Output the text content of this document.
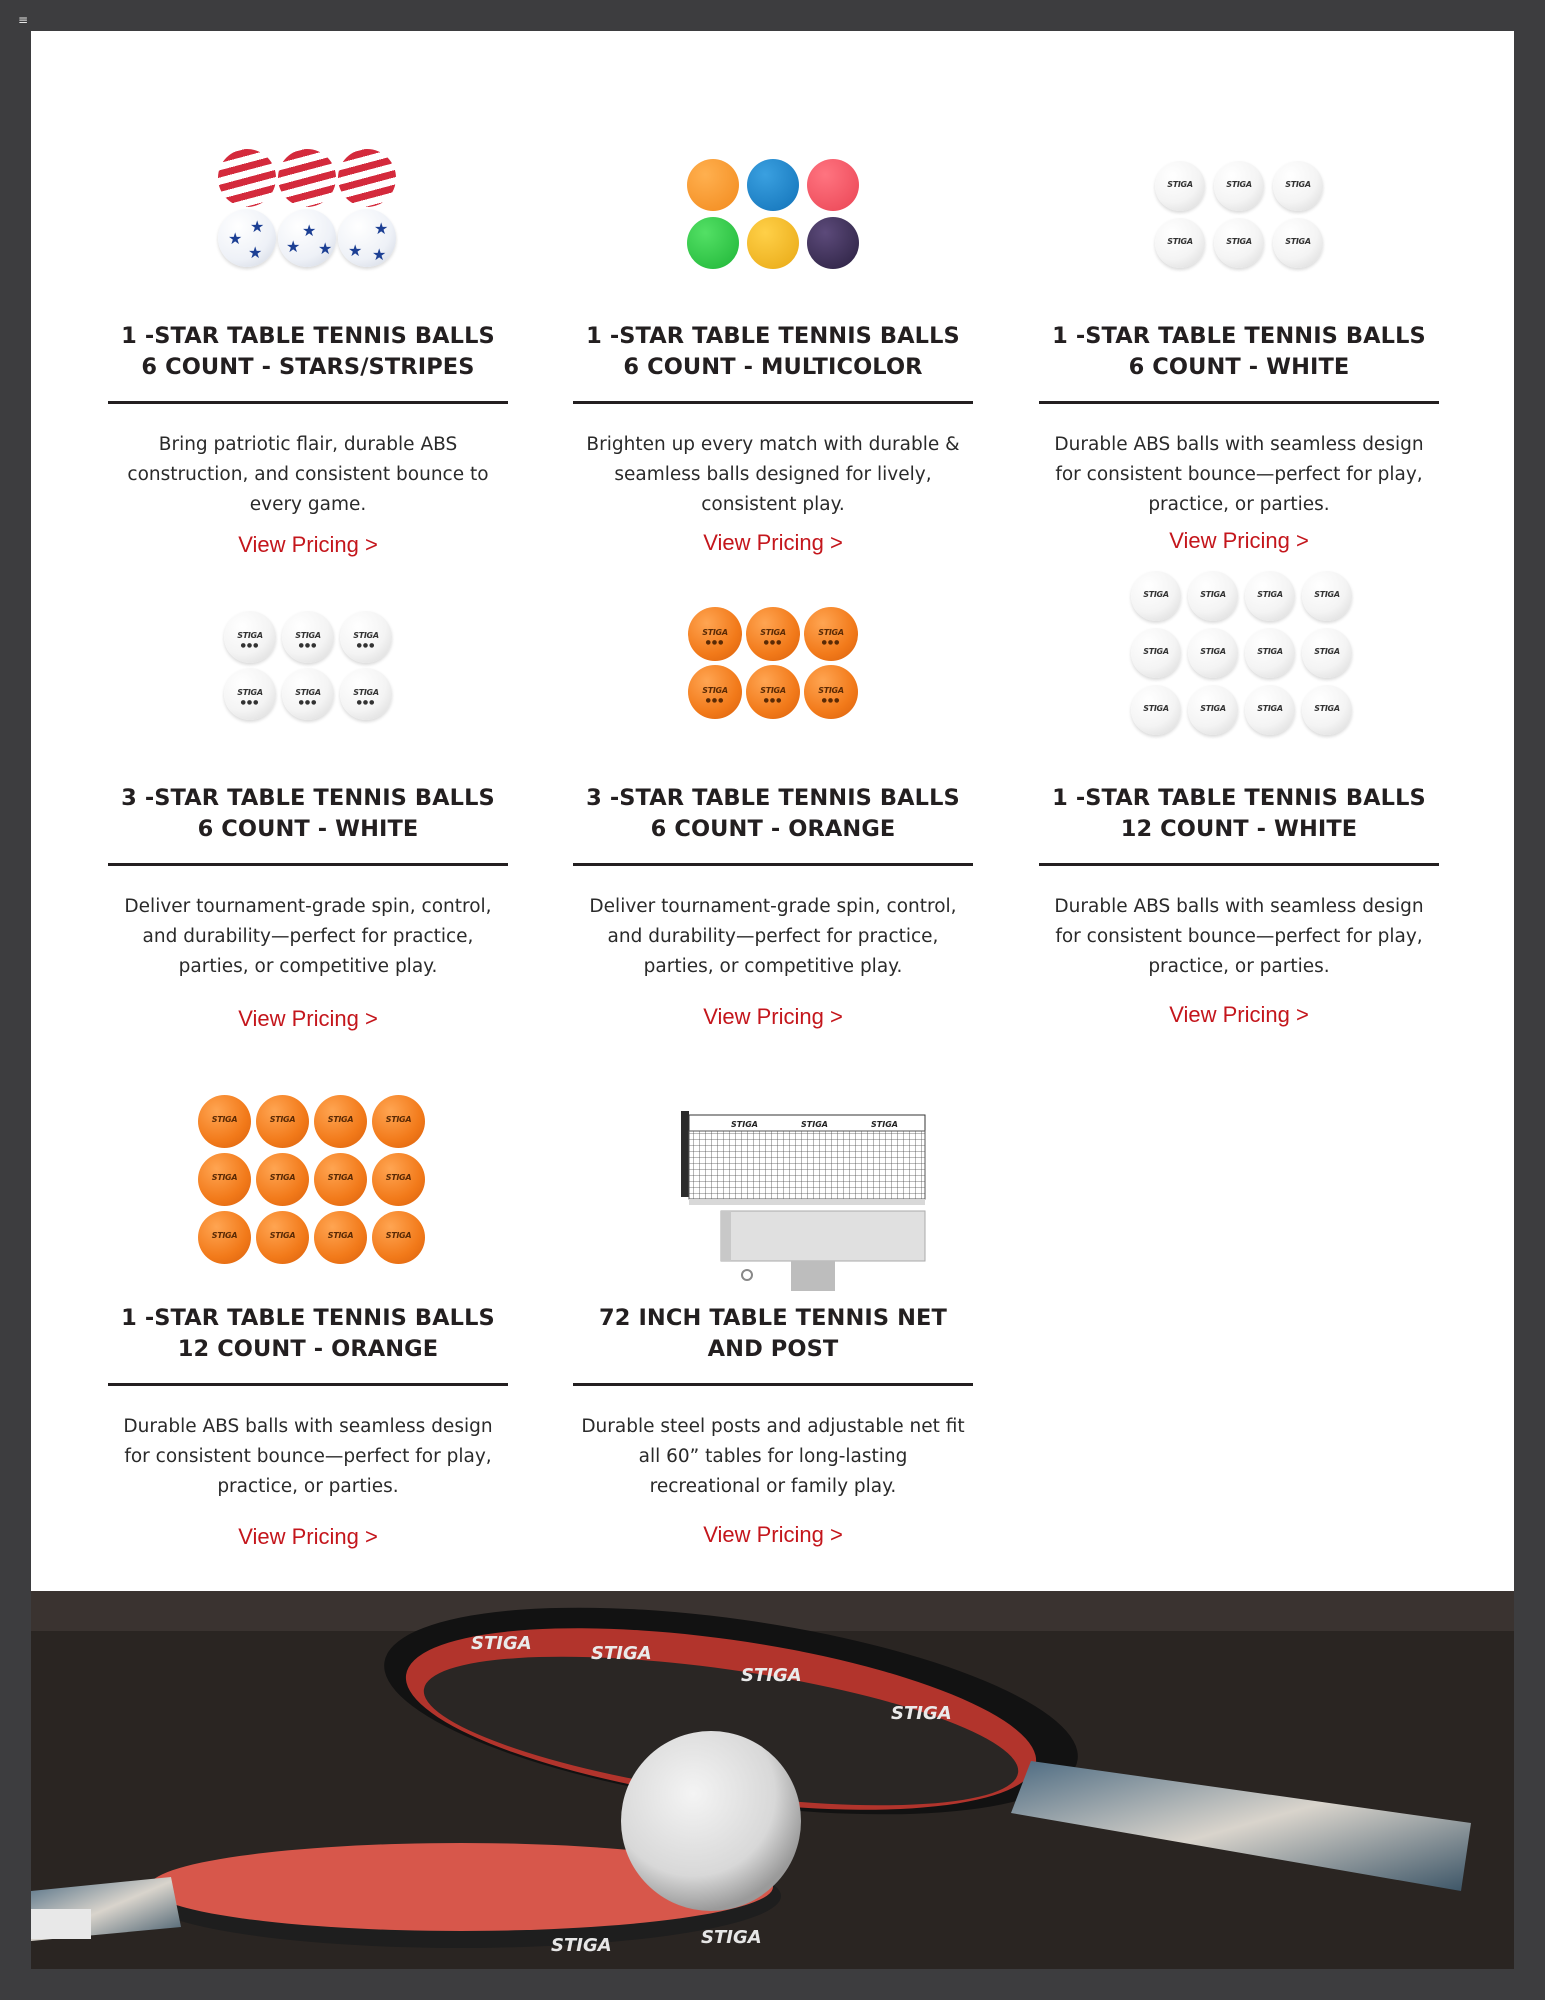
≡
★
★
★ ★
★
★ ★
★
★
1 -STAR TABLE TENNIS BALLS
6 COUNT - STARS/STRIPES

Bring patriotic flair, durable ABS construction, and consistent bounce to every game.

View Pricing >
1 -STAR TABLE TENNIS BALLS
6 COUNT - MULTICOLOR

Brighten up every match with durable & seamless balls designed for lively, consistent play.

View Pricing >
STIGA	STIGA	STIGA
STIGA	STIGA	STIGA
1 -STAR TABLE TENNIS BALLS
6 COUNT - WHITE

Durable ABS balls with seamless design for consistent bounce—perfect for play, practice, or parties.

View Pricing >
STIGA
●●●
STIGA
●●●
STIGA
●●●
STIGA
●●●
STIGA
●●●
STIGA
●●●
3 -STAR TABLE TENNIS BALLS
6 COUNT - WHITE

Deliver tournament-grade spin, control, and durability—perfect for practice, parties, or competitive play.

View Pricing >
STIGA
●●●
STIGA
●●●
STIGA
●●●
STIGA
●●●
STIGA
●●●
STIGA
●●●
3 -STAR TABLE TENNIS BALLS
6 COUNT - ORANGE

Deliver tournament-grade spin, control, and durability—perfect for practice, parties, or competitive play.

View Pricing >
STIGA	STIGA	STIGA	STIGA
STIGA	STIGA	STIGA	STIGA
STIGA	STIGA	STIGA	STIGA
1 -STAR TABLE TENNIS BALLS
12 COUNT - WHITE

Durable ABS balls with seamless design for consistent bounce—perfect for play, practice, or parties.

View Pricing >
STIGA	STIGA	STIGA	STIGA
STIGA	STIGA	STIGA	STIGA
STIGA	STIGA	STIGA	STIGA
1 -STAR TABLE TENNIS BALLS
12 COUNT - ORANGE

Durable ABS balls with seamless design for consistent bounce—perfect for play, practice, or parties.

View Pricing >
STIGA	STIGA	STIGA
72 INCH TABLE TENNIS NET
AND POST

Durable steel posts and adjustable net fit all 60” tables for long-lasting recreational or family play.

View Pricing >
STIGA	STIGA
STIGA	STIGA
STIGA
STIGA
